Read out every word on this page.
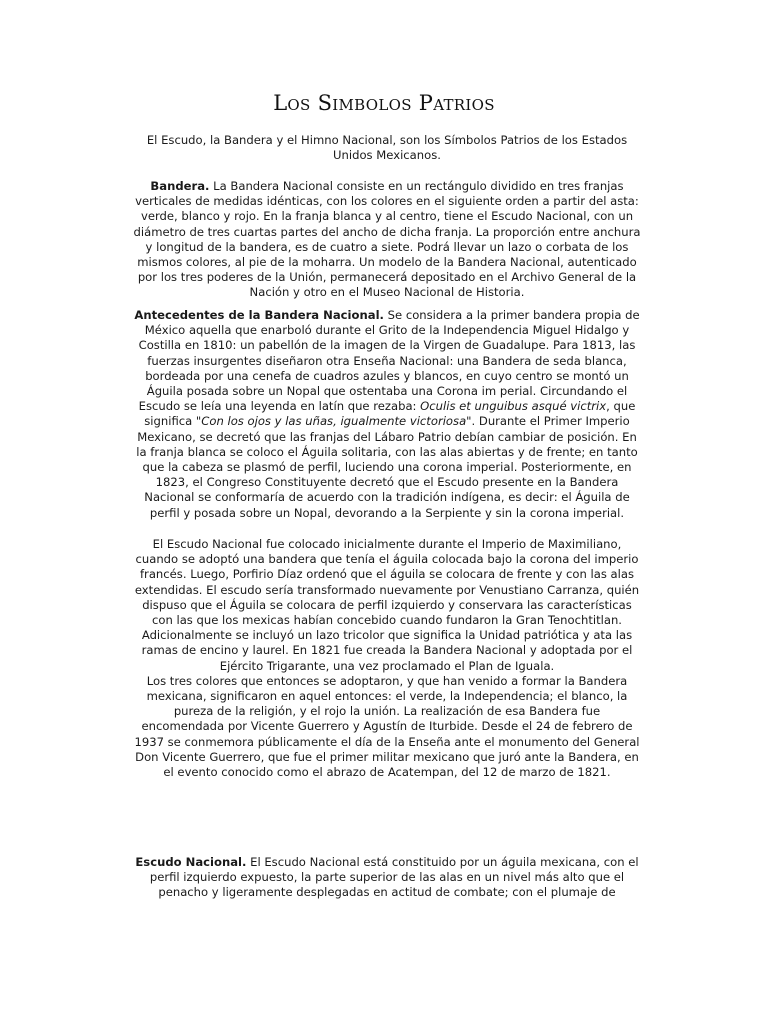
Los Simbolos Patrios

El Escudo, la Bandera y el Himno Nacional, son los Símbolos Patrios de los Estados Unidos Mexicanos.

Bandera. La Bandera Nacional consiste en un rectángulo dividido en tres franjas verticales de medidas idénticas, con los colores en el siguiente orden a partir del asta: verde, blanco y rojo. En la franja blanca y al centro, tiene el Escudo Nacional, con un diámetro de tres cuartas partes del ancho de dicha franja. La proporción entre anchura y longitud de la bandera, es de cuatro a siete. Podrá llevar un lazo o corbata de los mismos colores, al pie de la moharra. Un modelo de la Bandera Nacional, autenticado por los tres poderes de la Unión, permanecerá depositado en el Archivo General de la Nación y otro en el Museo Nacional de Historia.

Antecedentes de la Bandera Nacional. Se considera a la primer bandera propia de México aquella que enarboló durante el Grito de la Independencia Miguel Hidalgo y Costilla en 1810: un pabellón de la imagen de la Virgen de Guadalupe. Para 1813, las fuerzas insurgentes diseñaron otra Enseña Nacional: una Bandera de seda blanca, bordeada por una cenefa de cuadros azules y blancos, en cuyo centro se montó un Águila posada sobre un Nopal que ostentaba una Corona im perial. Circundando el Escudo se leía una leyenda en latín que rezaba: Oculis et unguibus asqué victrix, que significa "Con los ojos y las uñas, igualmente victoriosa". Durante el Primer Imperio Mexicano, se decretó que las franjas del Lábaro Patrio debían cambiar de posición. En la franja blanca se coloco el Águila solitaria, con las alas abiertas y de frente; en tanto que la cabeza se plasmó de perfil, luciendo una corona imperial. Posteriormente, en 1823, el Congreso Constituyente decretó que el Escudo presente en la Bandera Nacional se conformaría de acuerdo con la tradición indígena, es decir: el Águila de perfil y posada sobre un Nopal, devorando a la Serpiente y sin la corona imperial.

El Escudo Nacional fue colocado inicialmente durante el Imperio de Maximiliano, cuando se adoptó una bandera que tenía el águila colocada bajo la corona del imperio francés. Luego, Porfirio Díaz ordenó que el águila se colocara de frente y con las alas extendidas. El escudo sería transformado nuevamente por Venustiano Carranza, quién dispuso que el Águila se colocara de perfil izquierdo y conservara las características con las que los mexicas habían concebido cuando fundaron la Gran Tenochtitlan. Adicionalmente se incluyó un lazo tricolor que significa la Unidad patriótica y ata las ramas de encino y laurel. En 1821 fue creada la Bandera Nacional y adoptada por el Ejército Trigarante, una vez proclamado el Plan de Iguala.

Los tres colores que entonces se adoptaron, y que han venido a formar la Bandera mexicana, significaron en aquel entonces: el verde, la Independencia; el blanco, la pureza de la religión, y el rojo la unión. La realización de esa Bandera fue encomendada por Vicente Guerrero y Agustín de Iturbide. Desde el 24 de febrero de 1937 se conmemora públicamente el día de la Enseña ante el monumento del General Don Vicente Guerrero, que fue el primer militar mexicano que juró ante la Bandera, en el evento conocido como el abrazo de Acatempan, del 12 de marzo de 1821.

Escudo Nacional. El Escudo Nacional está constituido por un águila mexicana, con el perfil izquierdo expuesto, la parte superior de las alas en un nivel más alto que el penacho y ligeramente desplegadas en actitud de combate; con el plumaje de
